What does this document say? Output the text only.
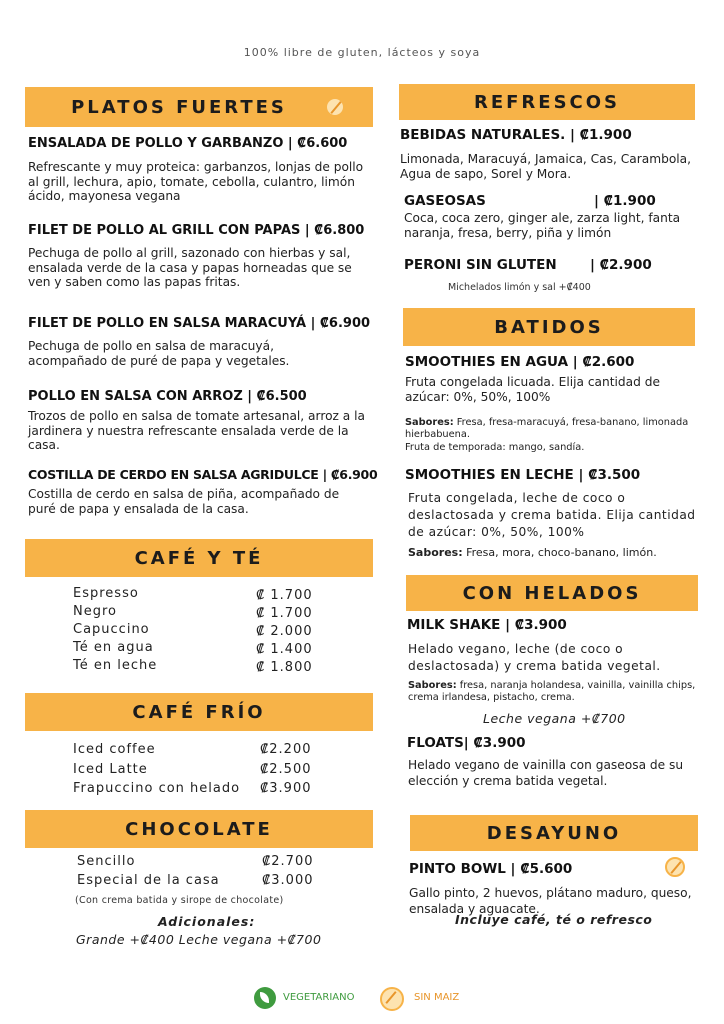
100% libre de gluten, lácteos y soya
PLATOS FUERTES
ENSALADA DE POLLO Y GARBANZO | ₡6.600
Refrescante y muy proteica: garbanzos, lonjas de pollo al grill, lechura, apio, tomate, cebolla, culantro, limón ácido, mayonesa vegana
FILET DE POLLO AL GRILL CON PAPAS | ₡6.800
Pechuga de pollo al grill, sazonado con hierbas y sal, ensalada verde de la casa y papas horneadas que se ven y saben como las papas fritas.
FILET DE POLLO EN SALSA MARACUYÁ | ₡6.900
Pechuga de pollo en salsa de maracuyá, acompañado de puré de papa y vegetales.
POLLO EN SALSA CON ARROZ | ₡6.500
Trozos de pollo en salsa de tomate artesanal, arroz a la jardinera y nuestra refrescante ensalada verde de la casa.
COSTILLA DE CERDO EN SALSA AGRIDULCE | ₡6.900
Costilla de cerdo en salsa de piña, acompañado de puré de papa y ensalada de la casa.
CAFÉ Y TÉ
Espresso	₡ 1.700
Negro	₡ 1.700
Capuccino	₡ 2.000
Té en agua	₡ 1.400
Té en leche	₡ 1.800
CAFÉ FRÍO
Iced coffee	₡2.200
Iced Latte	₡2.500
Frapuccino con helado ₡3.900
CHOCOLATE
Sencillo	₡2.700
Especial de la casa	₡3.000
(Con crema batida y sirope de chocolate)
Adicionales:
Grande +₡400 Leche vegana +₡700
REFRESCOS
BEBIDAS NATURALES. | ₡1.900
Limonada, Maracuyá, Jamaica, Cas, Carambola, Agua de sapo, Sorel y Mora.
GASEOSAS	| ₡1.900
Coca, coca zero, ginger ale, zarza light, fanta naranja, fresa, berry, piña y limón
PERONI SIN GLUTEN | ₡2.900
Michelados limón y sal +₡400
BATIDOS
SMOOTHIES EN AGUA | ₡2.600
Fruta congelada licuada. Elija cantidad de azúcar: 0%, 50%, 100%
Sabores: Fresa, fresa-maracuyá, fresa-banano, limonada hierbabuena.
Fruta de temporada: mango, sandía.
SMOOTHIES EN LECHE | ₡3.500
Fruta congelada, leche de coco o deslactosada y crema batida. Elija cantidad de azúcar: 0%, 50%, 100%
Sabores: Fresa, mora, choco-banano, limón.
CON HELADOS
MILK SHAKE | ₡3.900
Helado vegano, leche (de coco o deslactosada) y crema batida vegetal.
Sabores: fresa, naranja holandesa, vainilla, vainilla chips, crema irlandesa, pistacho, crema.
Leche vegana +₡700
FLOATS| ₡3.900
Helado vegano de vainilla con gaseosa de su elección y crema batida vegetal.
DESAYUNO
PINTO BOWL | ₡5.600
Gallo pinto, 2 huevos, plátano maduro, queso, ensalada y aguacate.
Incluye café, té o refresco
VEGETARIANO	SIN MAIZ
